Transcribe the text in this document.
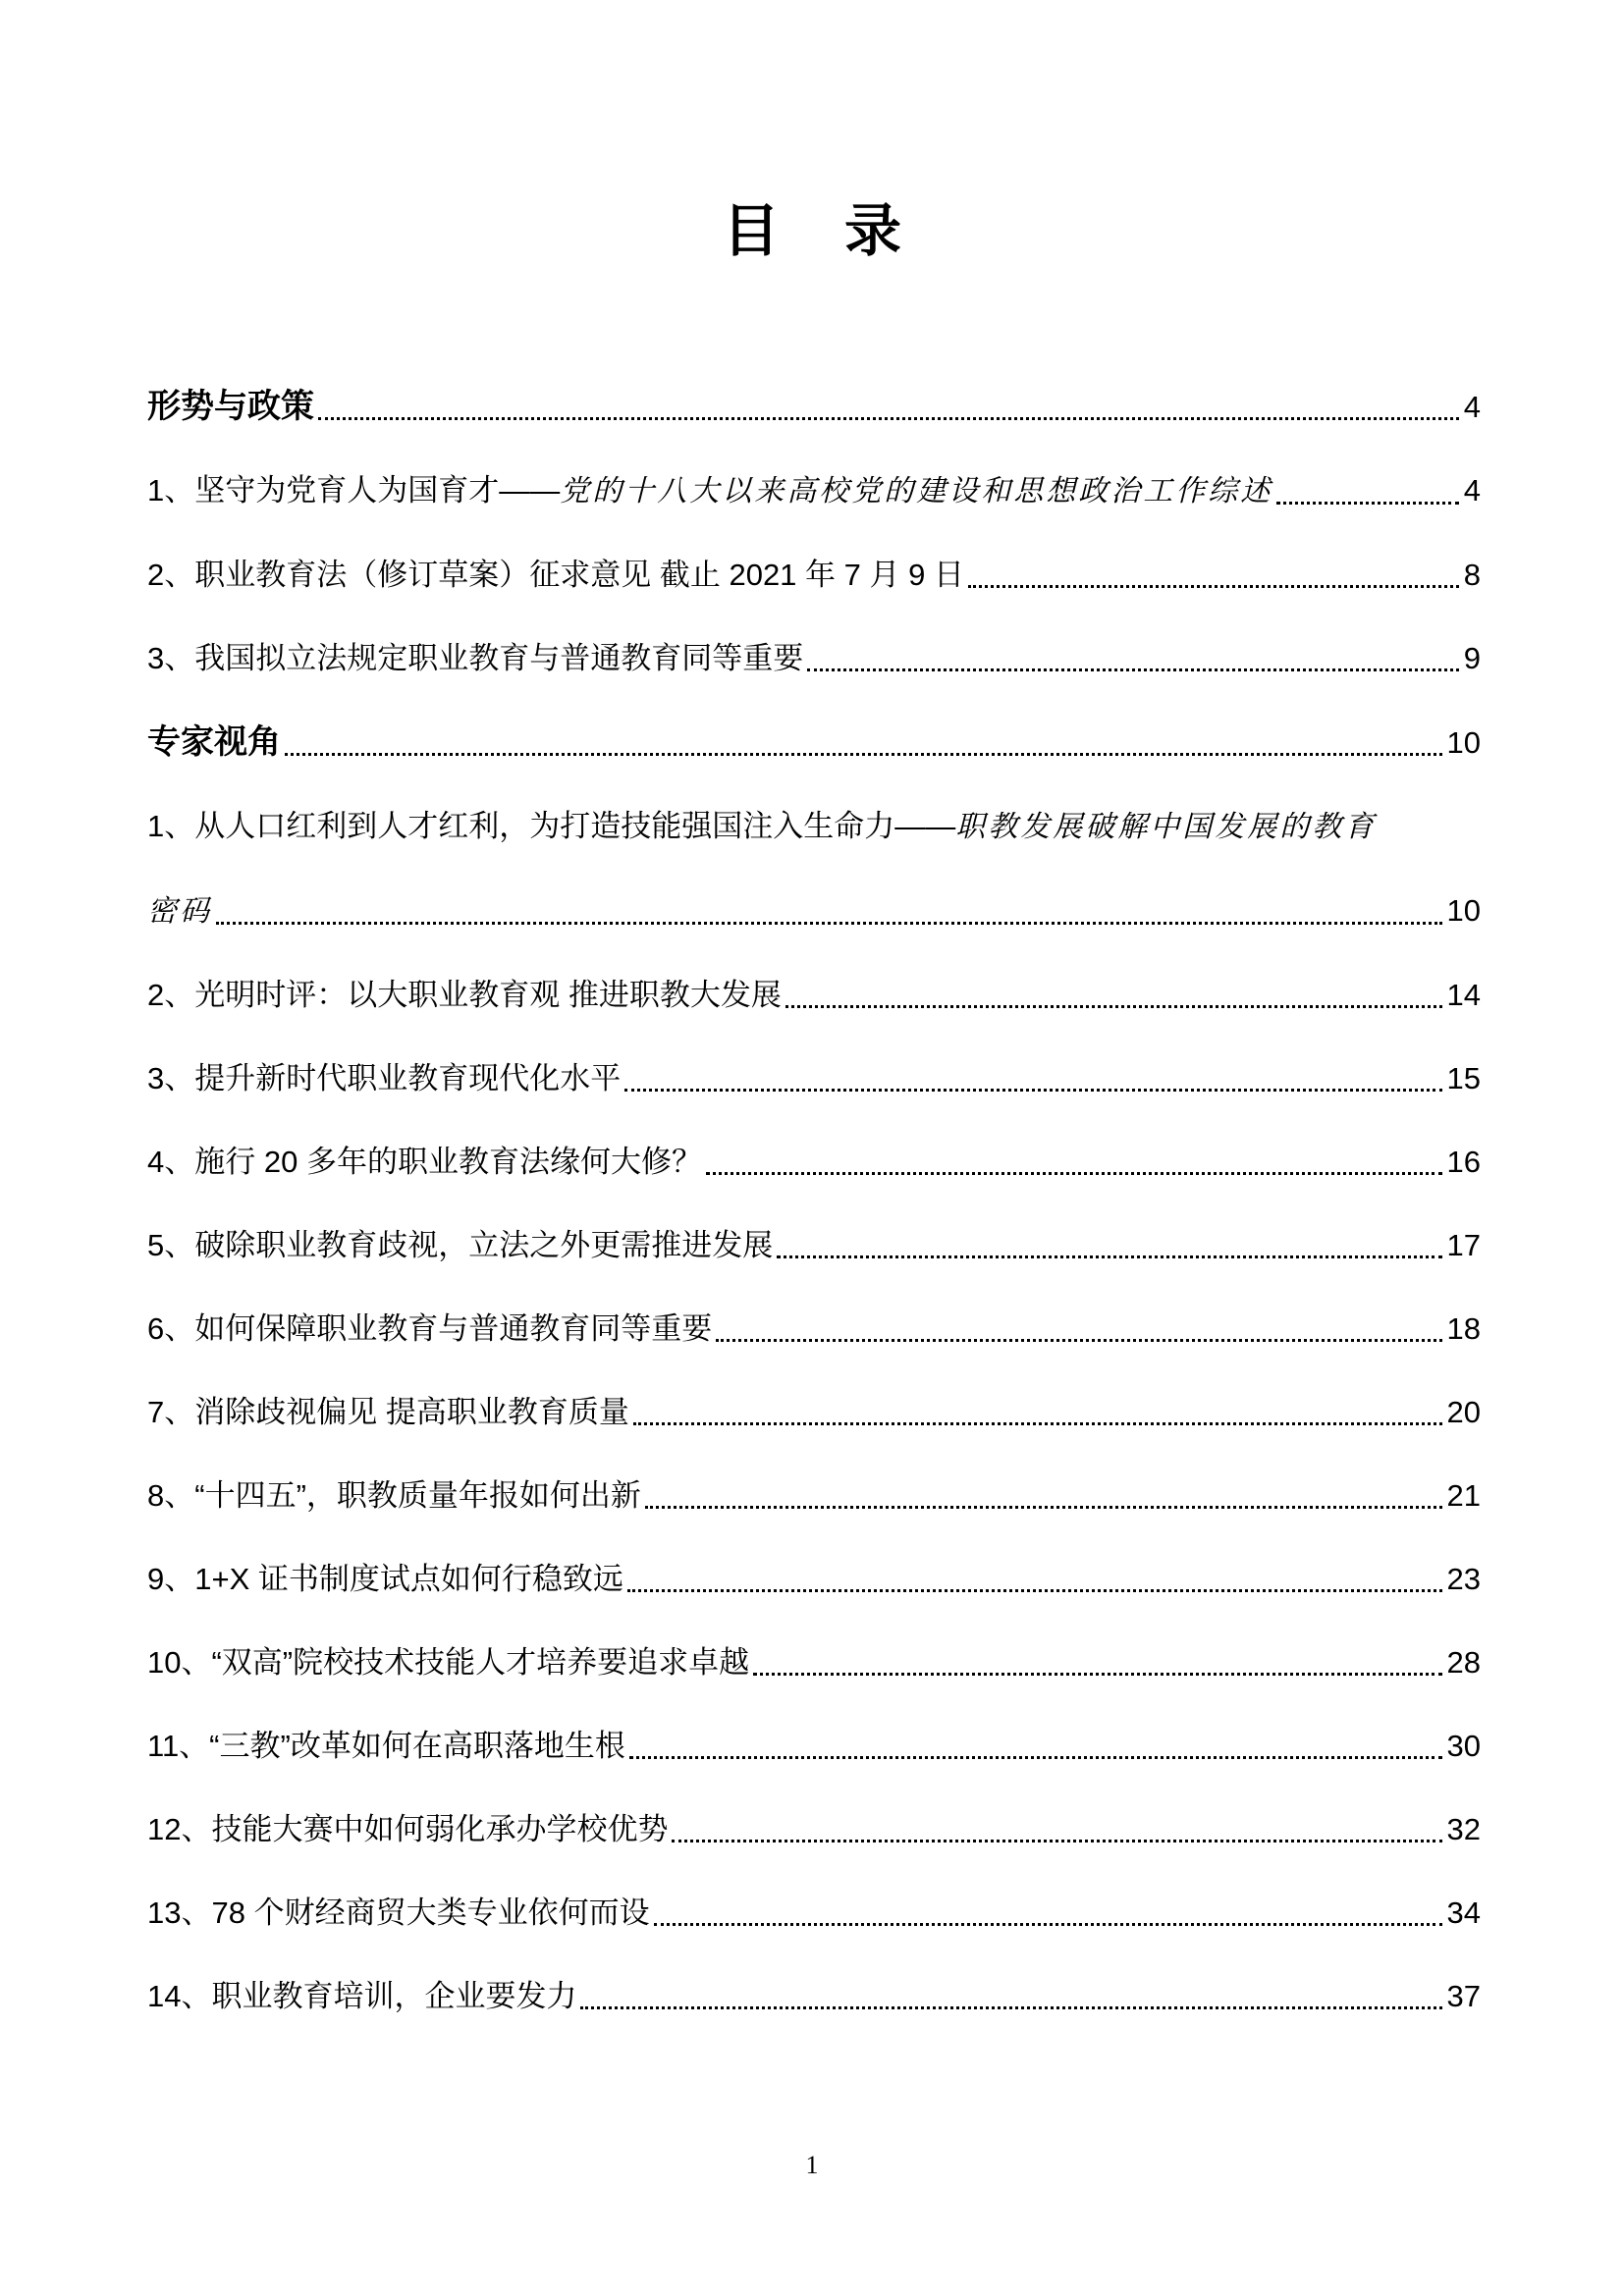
目　录
形势与政策	4
1、坚守为党育人为国育才—— 党的十八大以来高校党的建设和思想政治工作综述	4
2、职业教育法（修订草案）征求意见 截止 2021 年 7 月 9 日	8
3、我国拟立法规定职业教育与普通教育同等重要	9
专家视角	10
1、从人口红利到人才红利，为打造技能强国注入生命力—— 职教发展破解中国发展的教育
密码	10
2、光明时评：以大职业教育观 推进职教大发展	14
3、提升新时代职业教育现代化水平	15
4、施行 20 多年的职业教育法缘何大修？	16
5、破除职业教育歧视，立法之外更需推进发展	17
6、如何保障职业教育与普通教育同等重要	18
7、消除歧视偏见 提高职业教育质量	20
8、“十四五”，职教质量年报如何出新	21
9、1+X 证书制度试点如何行稳致远	23
10、“双高”院校技术技能人才培养要追求卓越	28
11、“三教”改革如何在高职落地生根	30
12、技能大赛中如何弱化承办学校优势	32
13、78 个财经商贸大类专业依何而设	34
14、职业教育培训，企业要发力	37
1
